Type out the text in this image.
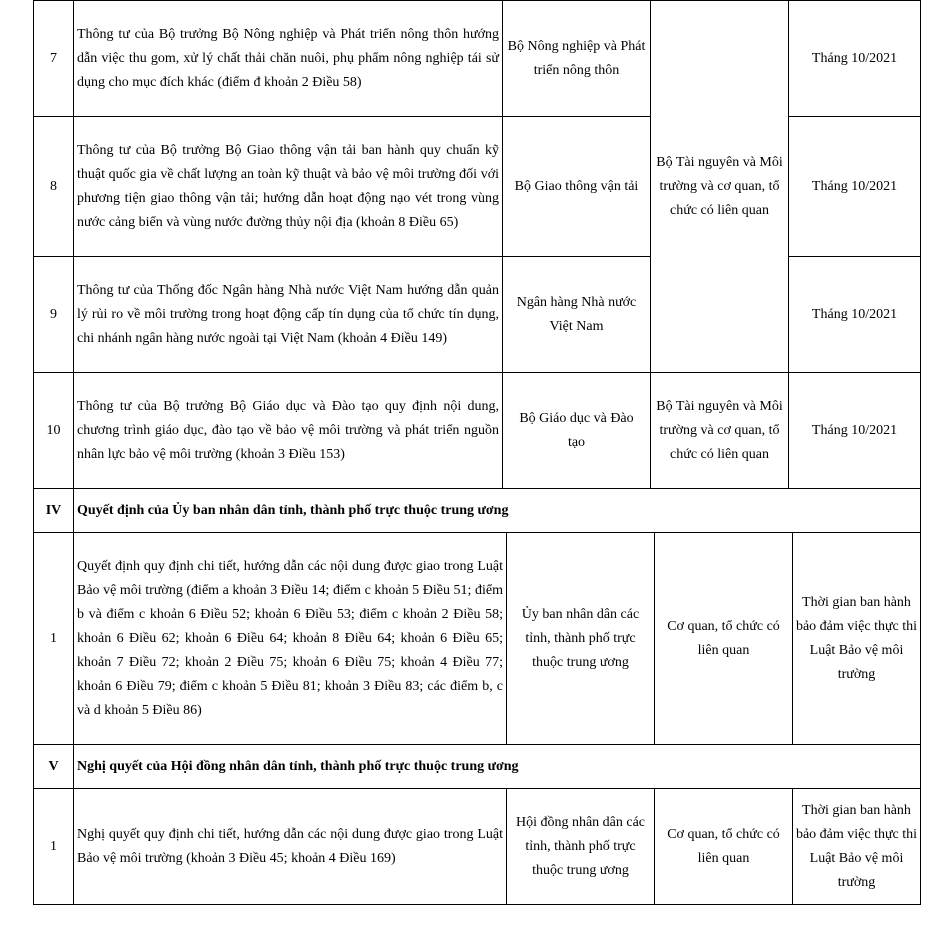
7
Thông tư của Bộ trưởng Bộ Nông nghiệp và Phát triển nông thôn hướng dẫn việc thu gom, xử lý chất thải chăn nuôi, phụ phẩm nông nghiệp tái sử dụng cho mục đích khác (điểm đ khoản 2 Điều 58)
Bộ Nông nghiệp và Phát triển nông thôn
Tháng 10/2021
Bộ Tài nguyên và Môi trường và cơ quan, tổ chức có liên quan
8
Thông tư của Bộ trưởng Bộ Giao thông vận tải ban hành quy chuẩn kỹ thuật quốc gia về chất lượng an toàn kỹ thuật và bảo vệ môi trường đối với phương tiện giao thông vận tải; hướng dẫn hoạt động nạo vét trong vùng nước cảng biển và vùng nước đường thủy nội địa (khoản 8 Điều 65)
Bộ Giao thông vận tải	Tháng 10/2021
9
Thông tư của Thống đốc Ngân hàng Nhà nước Việt Nam hướng dẫn quản lý rủi ro về môi trường trong hoạt động cấp tín dụng của tổ chức tín dụng, chi nhánh ngân hàng nước ngoài tại Việt Nam (khoản 4 Điều 149)
Ngân hàng Nhà nước Việt Nam
Tháng 10/2021
10
Thông tư của Bộ trưởng Bộ Giáo dục và Đào tạo quy định nội dung, chương trình giáo dục, đào tạo về bảo vệ môi trường và phát triển nguồn nhân lực bảo vệ môi trường (khoản 3 Điều 153)
Bộ Giáo dục và Đào tạo
Bộ Tài nguyên và Môi trường và cơ quan, tổ chức có liên quan
Tháng 10/2021
IV Quyết định của Ủy ban nhân dân tỉnh, thành phố trực thuộc trung ương
1
Quyết định quy định chi tiết, hướng dẫn các nội dung được giao trong Luật Bảo vệ môi trường (điểm a khoản 3 Điều 14; điểm c khoản 5 Điều 51; điểm b và điểm c khoản 6 Điều 52; khoản 6 Điều 53; điểm c khoản 2 Điều 58; khoản 6 Điều 62; khoản 6 Điều 64; khoản 8 Điều 64; khoản 6 Điều 65; khoản 7 Điều 72; khoản 2 Điều 75; khoản 6 Điều 75; khoản 4 Điều 77; khoản 6 Điều 79; điểm c khoản 5 Điều 81; khoản 3 Điều 83; các điểm b, c và d khoản 5 Điều 86)
Ủy ban nhân dân các tỉnh, thành phố trực thuộc trung ương
Cơ quan, tổ chức có liên quan
Thời gian ban hành bảo đảm việc thực thi Luật Bảo vệ môi trường
V Nghị quyết của Hội đồng nhân dân tỉnh, thành phố trực thuộc trung ương
1
Nghị quyết quy định chi tiết, hướng dẫn các nội dung được giao trong Luật Bảo vệ môi trường (khoản 3 Điều 45; khoản 4 Điều 169)
Hội đồng nhân dân các tỉnh, thành phố trực thuộc trung ương
Cơ quan, tổ chức có liên quan
Thời gian ban hành bảo đảm việc thực thi Luật Bảo vệ môi trường
